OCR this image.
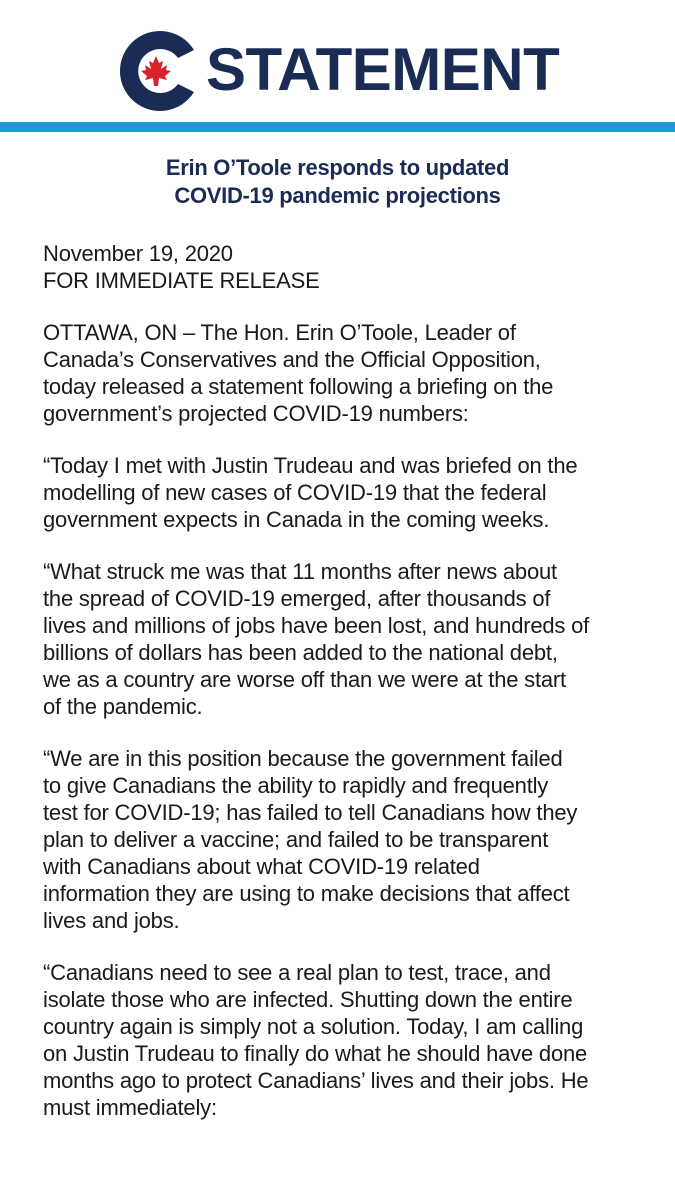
STATEMENT
Erin O’Toole responds to updated
COVID-19 pandemic projections

November 19, 2020
FOR IMMEDIATE RELEASE

OTTAWA, ON – The Hon. Erin O’Toole, Leader of
Canada’s Conservatives and the Official Opposition,
today released a statement following a briefing on the
government’s projected COVID-19 numbers:

“Today I met with Justin Trudeau and was briefed on the
modelling of new cases of COVID-19 that the federal
government expects in Canada in the coming weeks.

“What struck me was that 11 months after news about
the spread of COVID-19 emerged, after thousands of
lives and millions of jobs have been lost, and hundreds of
billions of dollars has been added to the national debt,
we as a country are worse off than we were at the start
of the pandemic.

“We are in this position because the government failed
to give Canadians the ability to rapidly and frequently
test for COVID-19; has failed to tell Canadians how they
plan to deliver a vaccine; and failed to be transparent
with Canadians about what COVID-19 related
information they are using to make decisions that affect
lives and jobs.

“Canadians need to see a real plan to test, trace, and
isolate those who are infected. Shutting down the entire
country again is simply not a solution. Today, I am calling
on Justin Trudeau to finally do what he should have done
months ago to protect Canadians’ lives and their jobs. He
must immediately:
